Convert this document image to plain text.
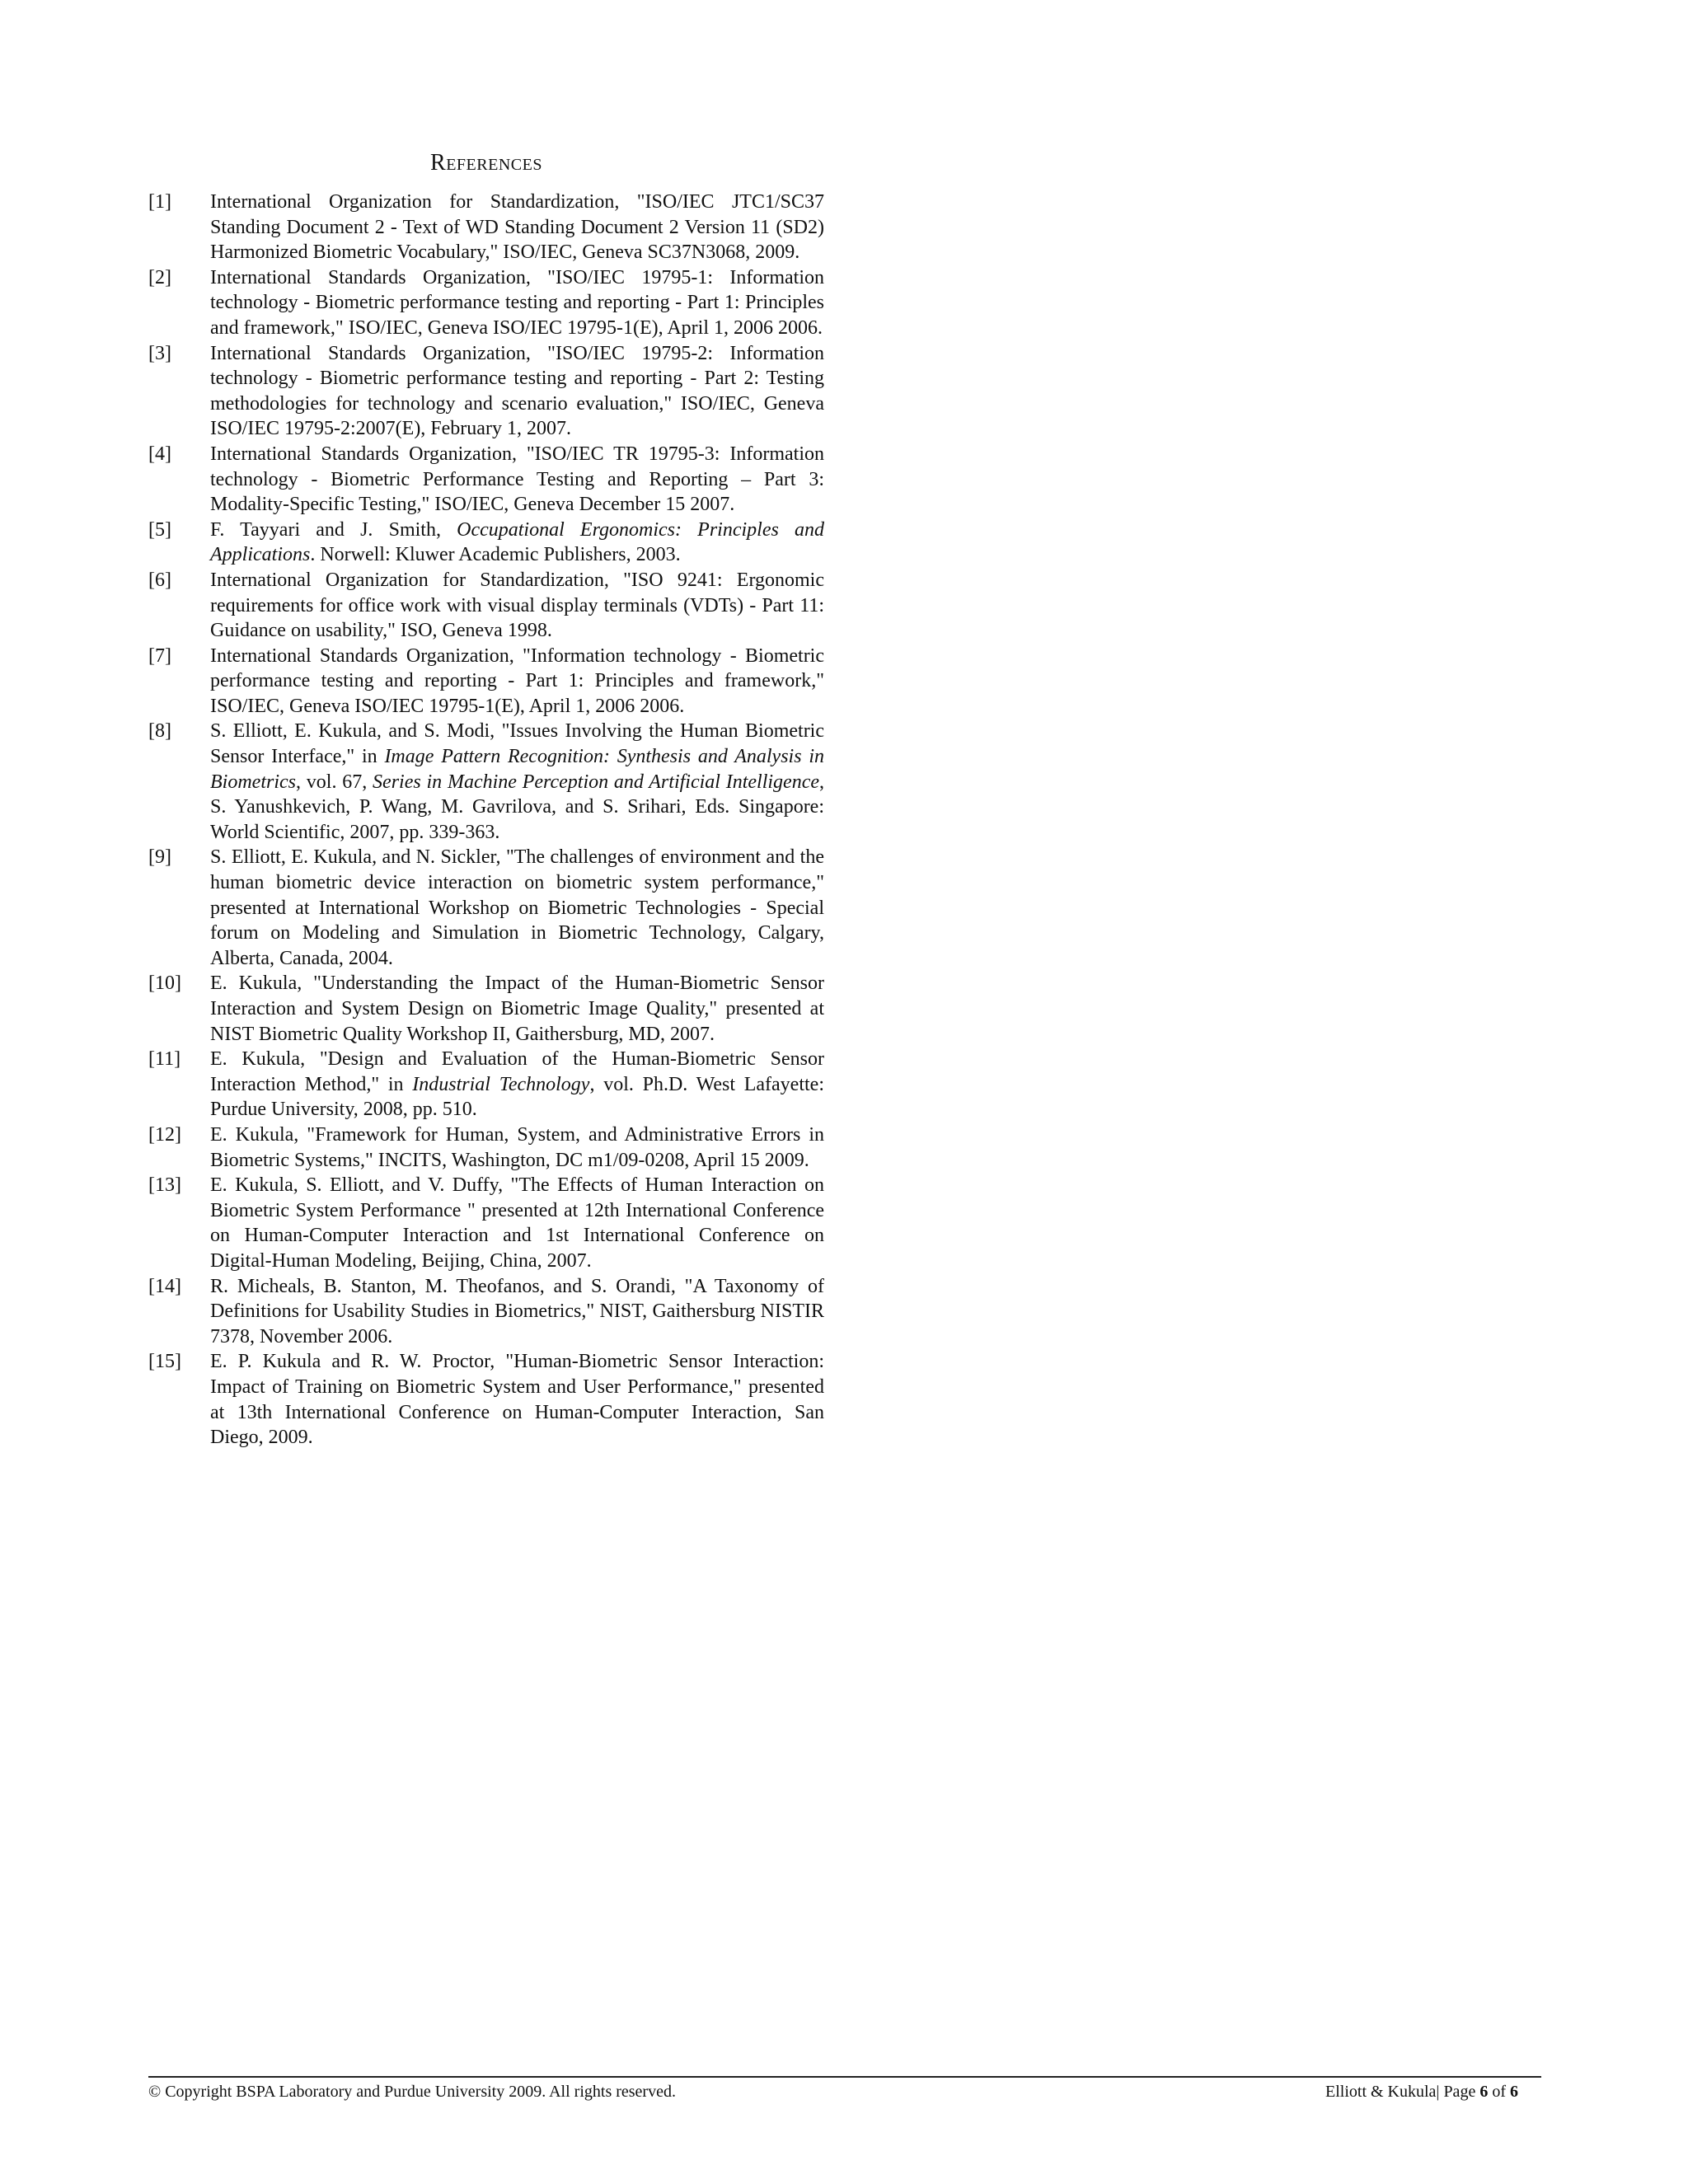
References
[1]	International Organization for Standardization, "ISO/IEC JTC1/SC37 Standing Document 2 - Text of WD Standing Document 2 Version 11 (SD2) Harmonized Biometric Vocabulary," ISO/IEC, Geneva SC37N3068, 2009.
[2]	International Standards Organization, "ISO/IEC 19795-1: Information technology - Biometric performance testing and reporting - Part 1: Principles and framework," ISO/IEC, Geneva ISO/IEC 19795-1(E), April 1, 2006 2006.
[3]	International Standards Organization, "ISO/IEC 19795-2: Information technology - Biometric performance testing and reporting - Part 2: Testing methodologies for technology and scenario evaluation," ISO/IEC, Geneva ISO/IEC 19795-2:2007(E), February 1, 2007.
[4]	International Standards Organization, "ISO/IEC TR 19795-3: Information technology - Biometric Performance Testing and Reporting – Part 3: Modality-Specific Testing," ISO/IEC, Geneva December 15 2007.
[5]	F. Tayyari and J. Smith, Occupational Ergonomics: Principles and Applications. Norwell: Kluwer Academic Publishers, 2003.
[6]	International Organization for Standardization, "ISO 9241: Ergonomic requirements for office work with visual display terminals (VDTs) - Part 11: Guidance on usability," ISO, Geneva 1998.
[7]	International Standards Organization, "Information technology - Biometric performance testing and reporting - Part 1: Principles and framework," ISO/IEC, Geneva ISO/IEC 19795-1(E), April 1, 2006 2006.
[8]	S. Elliott, E. Kukula, and S. Modi, "Issues Involving the Human Biometric Sensor Interface," in Image Pattern Recognition: Synthesis and Analysis in Biometrics, vol. 67, Series in Machine Perception and Artificial Intelligence, S. Yanushkevich, P. Wang, M. Gavrilova, and S. Srihari, Eds. Singapore: World Scientific, 2007, pp. 339-363.
[9]	S. Elliott, E. Kukula, and N. Sickler, "The challenges of environment and the human biometric device interaction on biometric system performance," presented at International Workshop on Biometric Technologies - Special forum on Modeling and Simulation in Biometric Technology, Calgary, Alberta, Canada, 2004.
[10]	E. Kukula, "Understanding the Impact of the Human-Biometric Sensor Interaction and System Design on Biometric Image Quality," presented at NIST Biometric Quality Workshop II, Gaithersburg, MD, 2007.
[11]	E. Kukula, "Design and Evaluation of the Human-Biometric Sensor Interaction Method," in Industrial Technology, vol. Ph.D. West Lafayette: Purdue University, 2008, pp. 510.
[12]	E. Kukula, "Framework for Human, System, and Administrative Errors in Biometric Systems," INCITS, Washington, DC m1/09-0208, April 15 2009.
[13]	E. Kukula, S. Elliott, and V. Duffy, "The Effects of Human Interaction on Biometric System Performance " presented at 12th International Conference on Human-Computer Interaction and 1st International Conference on Digital-Human Modeling, Beijing, China, 2007.
[14]	R. Micheals, B. Stanton, M. Theofanos, and S. Orandi, "A Taxonomy of Definitions for Usability Studies in Biometrics," NIST, Gaithersburg NISTIR 7378, November 2006.
[15]	E. P. Kukula and R. W. Proctor, "Human-Biometric Sensor Interaction: Impact of Training on Biometric System and User Performance," presented at 13th International Conference on Human-Computer Interaction, San Diego, 2009.
© Copyright BSPA Laboratory and Purdue University 2009. All rights reserved.	Elliott & Kukula| Page 6 of 6
